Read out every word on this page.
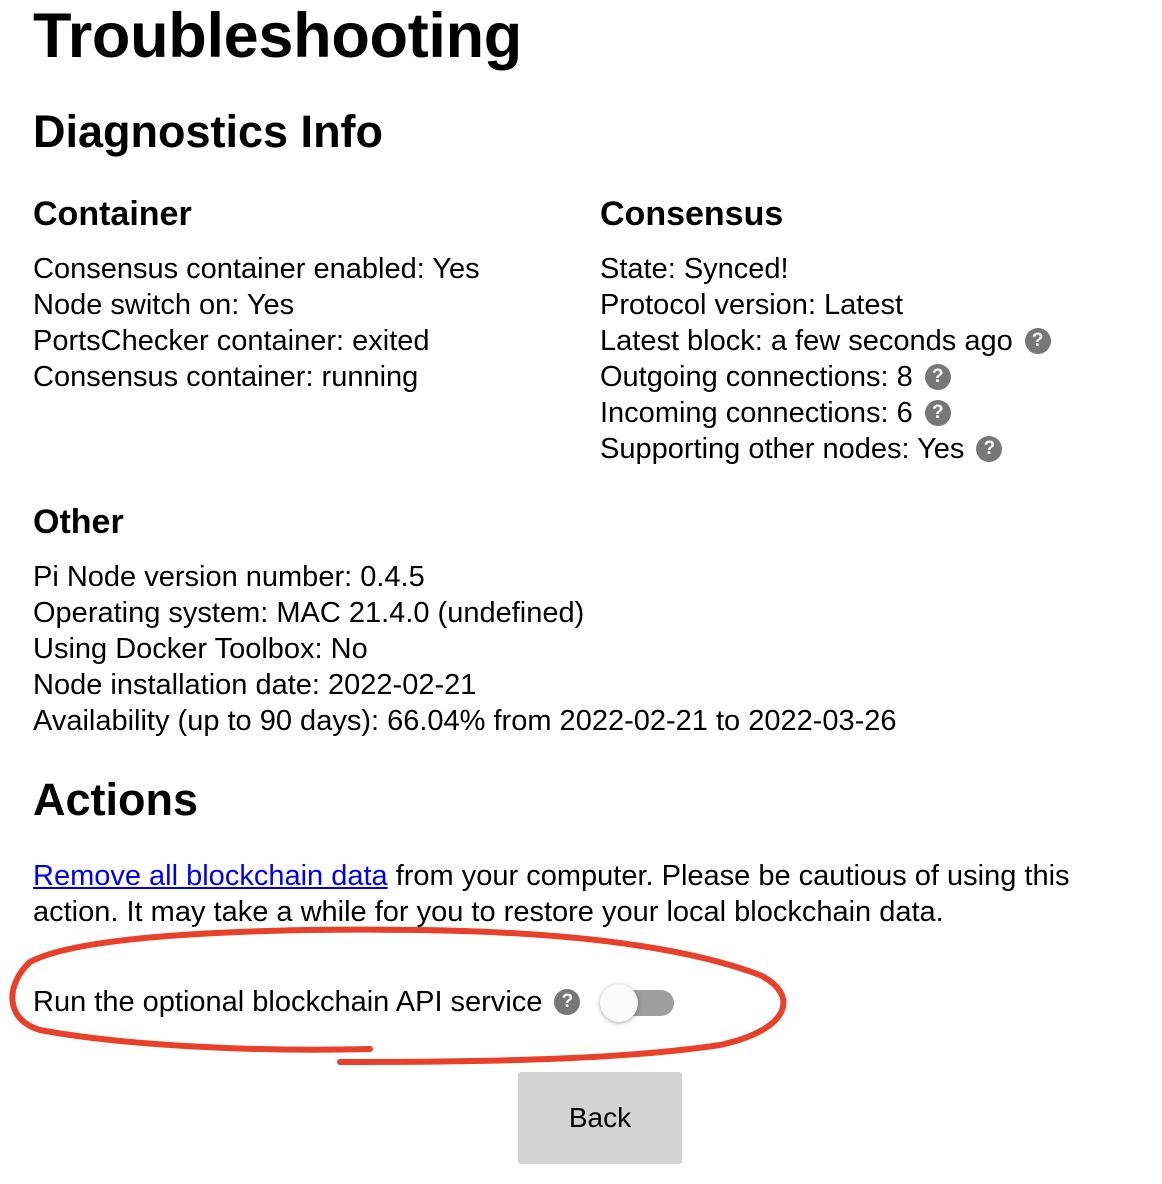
Troubleshooting
Diagnostics Info
Container
Consensus container enabled: Yes
Node switch on: Yes
PortsChecker container: exited
Consensus container: running
Consensus
State: Synced!
Protocol version: Latest
Latest block: a few seconds ago	?
Outgoing connections: 8	?
Incoming connections: 6	?
Supporting other nodes: Yes	?
Other
Pi Node version number: 0.4.5
Operating system: MAC 21.4.0 (undefined)
Using Docker Toolbox: No
Node installation date: 2022-02-21
Availability (up to 90 days): 66.04% from 2022-02-21 to 2022-03-26
Actions

Remove all blockchain data from your computer. Please be cautious of using this action. It may take a while for you to restore your local blockchain data.

Run the optional blockchain API service	?
Back
